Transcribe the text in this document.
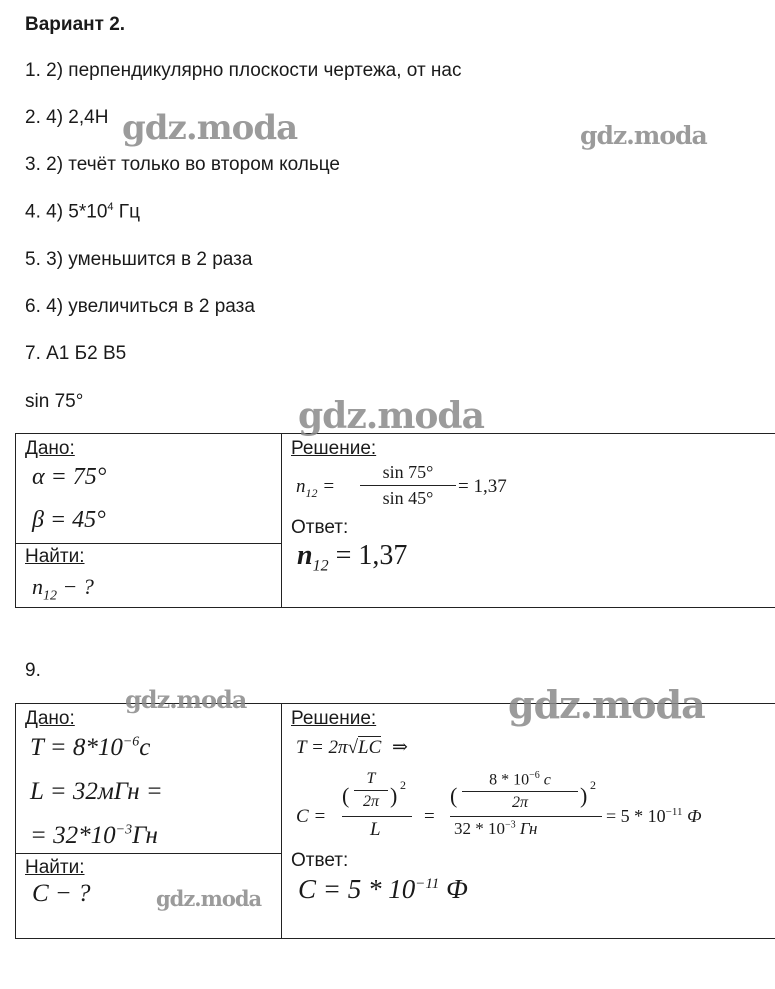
Вариант 2.
1. 2) перпендикулярно плоскости чертежа, от нас
2. 4) 2,4Н
3. 2) течёт только во втором кольце
4. 4) $5*10^4$ Гц
5. 3) уменьшится в 2 раза
6. 4) увеличиться в 2 раза
7. А1 Б2 В5
sin 75°
Дано:
α = 75°
β = 45°
Найти:
$n_{12}$ − ?
Решение:
$n_{12}$ =
sin 75°
sin 45°
= 1,37
Ответ:
$n_{12} = 1,37$
9.
Дано:
$T = 8*10^{-6}c$
L = 32мГн =
= $32*10^{-3}Гн$
Найти:
C − ?
Решение:
T = 2π√LC ⇒
C =
(
T
2π ) 2
L
=
(
$8 * 10^{-6}$ c
2π	) 2
$32 * 10^{-3}$ Гн
= $5 * 10^{-11}$ Ф
Ответ:
$C = 5 * 10^{-11}$ Ф
gdz.moda	gdz.moda
gdz.moda
gdz.moda	gdz.moda
gdz.moda
